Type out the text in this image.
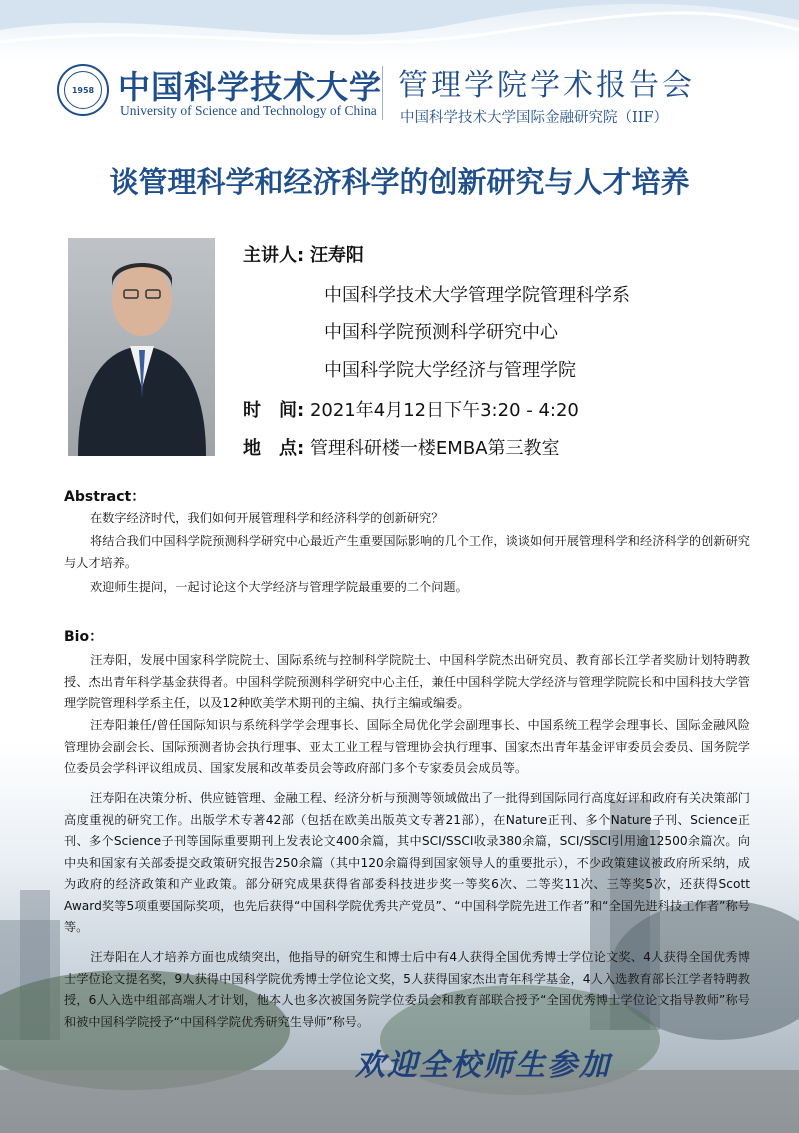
1958 中国科学技术大学
University of Science and Technology of China
管理学院学术报告会
中国科学技术大学国际金融研究院（IIF）
谈管理科学和经济科学的创新研究与人才培养
主讲人: 汪寿阳
中国科学技术大学管理学院管理科学系
中国科学院预测科学研究中心
中国科学院大学经济与管理学院
时　间: 2021年4月12日下午3:20 - 4:20
地　点: 管理科研楼一楼EMBA第三教室
Abstract：
在数字经济时代，我们如何开展管理科学和经济科学的创新研究？
将结合我们中国科学院预测科学研究中心最近产生重要国际影响的几个工作，谈谈如何开展管理科学和经济科学的创新研究与人才培养。
欢迎师生提问，一起讨论这个大学经济与管理学院最重要的二个问题。
Bio：
汪寿阳，发展中国家科学院院士、国际系统与控制科学院院士、中国科学院杰出研究员、教育部长江学者奖励计划特聘教授、杰出青年科学基金获得者。中国科学院预测科学研究中心主任，兼任中国科学院大学经济与管理学院院长和中国科技大学管理学院管理科学系主任，以及12种欧美学术期刊的主编、执行主编或编委。
汪寿阳兼任/曾任国际知识与系统科学学会理事长、国际全局优化学会副理事长、中国系统工程学会理事长、国际金融风险管理协会副会长、国际预测者协会执行理事、亚太工业工程与管理协会执行理事、国家杰出青年基金评审委员会委员、国务院学位委员会学科评议组成员、国家发展和改革委员会等政府部门多个专家委员会成员等。
汪寿阳在决策分析、供应链管理、金融工程、经济分析与预测等领域做出了一批得到国际同行高度好评和政府有关决策部门高度重视的研究工作。出版学术专著42部（包括在欧美出版英文专著21部），在Nature正刊、多个Nature子刊、Science正刊、多个Science子刊等国际重要期刊上发表论文400余篇，其中SCI/SSCI收录380余篇，SCI/SSCI引用逾12500余篇次。向中央和国家有关部委提交政策研究报告250余篇（其中120余篇得到国家领导人的重要批示），不少政策建议被政府所采纳，成为政府的经济政策和产业政策。部分研究成果获得省部委科技进步奖一等奖6次、二等奖11次、三等奖5次，还获得Scott　Award奖等5项重要国际奖项，也先后获得“中国科学院优秀共产党员”、“中国科学院先进工作者”和“全国先进科技工作者”称号等。
汪寿阳在人才培养方面也成绩突出，他指导的研究生和博士后中有4人获得全国优秀博士学位论文奖、4人获得全国优秀博士学位论文提名奖，9人获得中国科学院优秀博士学位论文奖，5人获得国家杰出青年科学基金，4人入选教育部长江学者特聘教授，6人入选中组部高端人才计划，他本人也多次被国务院学位委员会和教育部联合授予“全国优秀博士学位论文指导教师”称号和被中国科学院授予“中国科学院优秀研究生导师”称号。
欢迎全校师生参加
